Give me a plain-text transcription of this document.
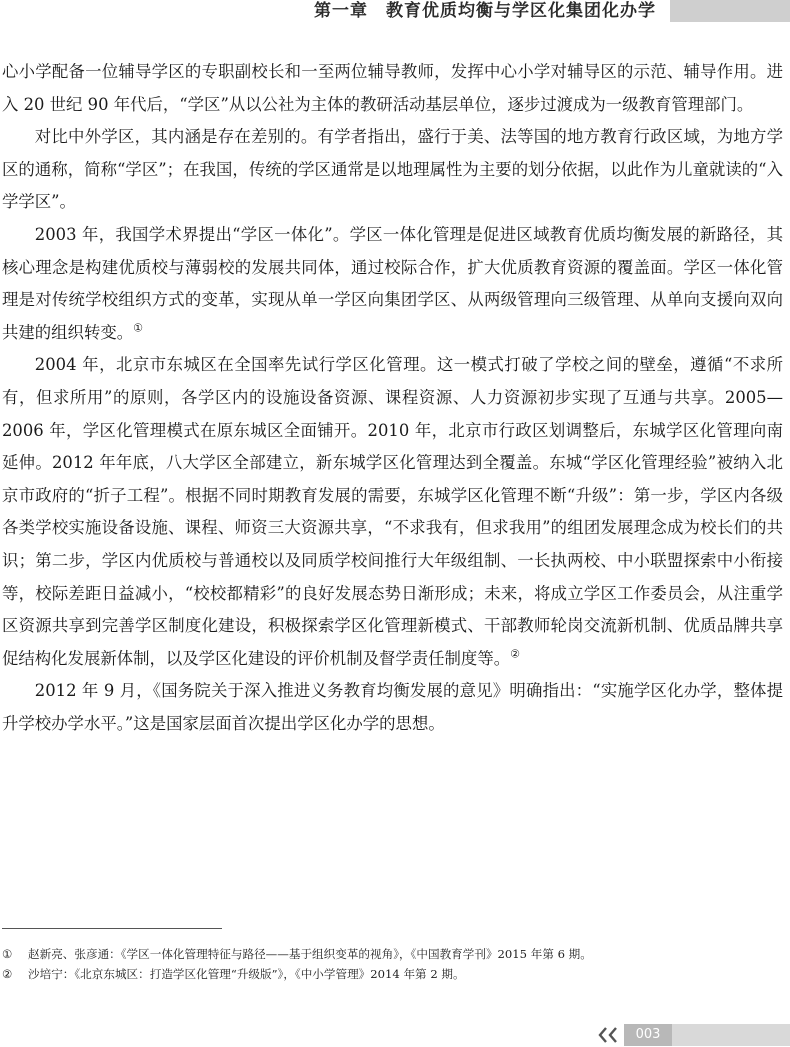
第一章　教育优质均衡与学区化集团化办学

心小学配备一位辅导学区的专职副校长和一至两位辅导教师，发挥中心小学对辅导区的示范、辅导作用。进入 20 世纪 90 年代后，“学区”从以公社为主体的教研活动基层单位，逐步过渡成为一级教育管理部门。

对比中外学区，其内涵是存在差别的。有学者指出，盛行于美、法等国的地方教育行政区域，为地方学区的通称，简称“学区”；在我国，传统的学区通常是以地理属性为主要的划分依据，以此作为儿童就读的“入学学区”。

2003 年，我国学术界提出“学区一体化”。学区一体化管理是促进区域教育优质均衡发展的新路径，其核心理念是构建优质校与薄弱校的发展共同体，通过校际合作，扩大优质教育资源的覆盖面。学区一体化管理是对传统学校组织方式的变革，实现从单一学区向集团学区、从两级管理向三级管理、从单向支援向双向共建的组织转变。①

2004 年，北京市东城区在全国率先试行学区化管理。这一模式打破了学校之间的壁垒，遵循“不求所有，但求所用”的原则，各学区内的设施设备资源、课程资源、人力资源初步实现了互通与共享。2005—2006 年，学区化管理模式在原东城区全面铺开。2010 年，北京市行政区划调整后，东城学区化管理向南延伸。2012 年年底，八大学区全部建立，新东城学区化管理达到全覆盖。东城“学区化管理经验”被纳入北京市政府的“折子工程”。根据不同时期教育发展的需要，东城学区化管理不断“升级”：第一步，学区内各级各类学校实施设备设施、课程、师资三大资源共享，“不求我有，但求我用”的组团发展理念成为校长们的共识；第二步，学区内优质校与普通校以及同质学校间推行大年级组制、一长执两校、中小联盟探索中小衔接等，校际差距日益减小，“校校都精彩”的良好发展态势日渐形成；未来，将成立学区工作委员会，从注重学区资源共享到完善学区制度化建设，积极探索学区化管理新模式、干部教师轮岗交流新机制、优质品牌共享促结构化发展新体制，以及学区化建设的评价机制及督学责任制度等。②

2012 年 9 月，《国务院关于深入推进义务教育均衡发展的意见》明确指出：“实施学区化办学，整体提升学校办学水平。”这是国家层面首次提出学区化办学的思想。

①	赵新亮、张彦通：《学区一体化管理特征与路径——基于组织变革的视角》，《中国教育学刊》2015 年第 6 期。
②	沙培宁：《北京东城区：打造学区化管理“升级版”》，《中小学管理》2014 年第 2 期。
003
